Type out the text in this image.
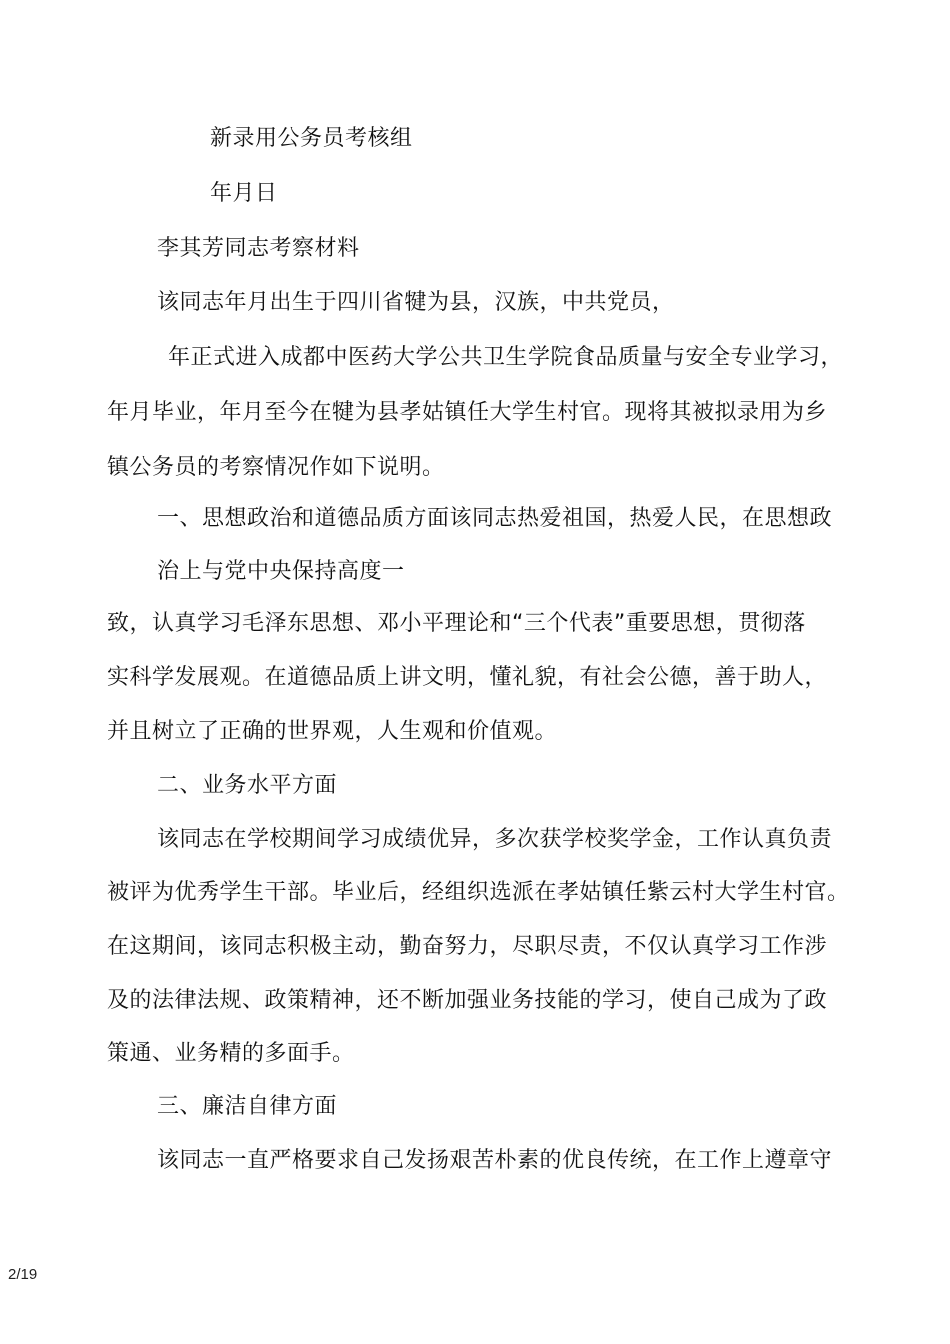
新录用公务员考核组
年月日
李其芳同志考察材料
该同志年月出生于四川省犍为县，汉族，中共党员，
年正式进入成都中医药大学公共卫生学院食品质量与安全专业学习，
年月毕业，年月至今在犍为县孝姑镇任大学生村官。现将其被拟录用为乡
镇公务员的考察情况作如下说明。
一、思想政治和道德品质方面该同志热爱祖国，热爱人民，在思想政
治上与党中央保持高度一
致，认真学习毛泽东思想、邓小平理论和“三个代表”重要思想，贯彻落
实科学发展观。在道德品质上讲文明，懂礼貌，有社会公德，善于助人，
并且树立了正确的世界观，人生观和价值观。
二、业务水平方面
该同志在学校期间学习成绩优异，多次获学校奖学金，工作认真负责
被评为优秀学生干部。毕业后，经组织选派在孝姑镇任紫云村大学生村官。
在这期间，该同志积极主动，勤奋努力，尽职尽责，不仅认真学习工作涉
及的法律法规、政策精神，还不断加强业务技能的学习，使自己成为了政
策通、业务精的多面手。
三、廉洁自律方面
该同志一直严格要求自己发扬艰苦朴素的优良传统，在工作上遵章守
2/19
